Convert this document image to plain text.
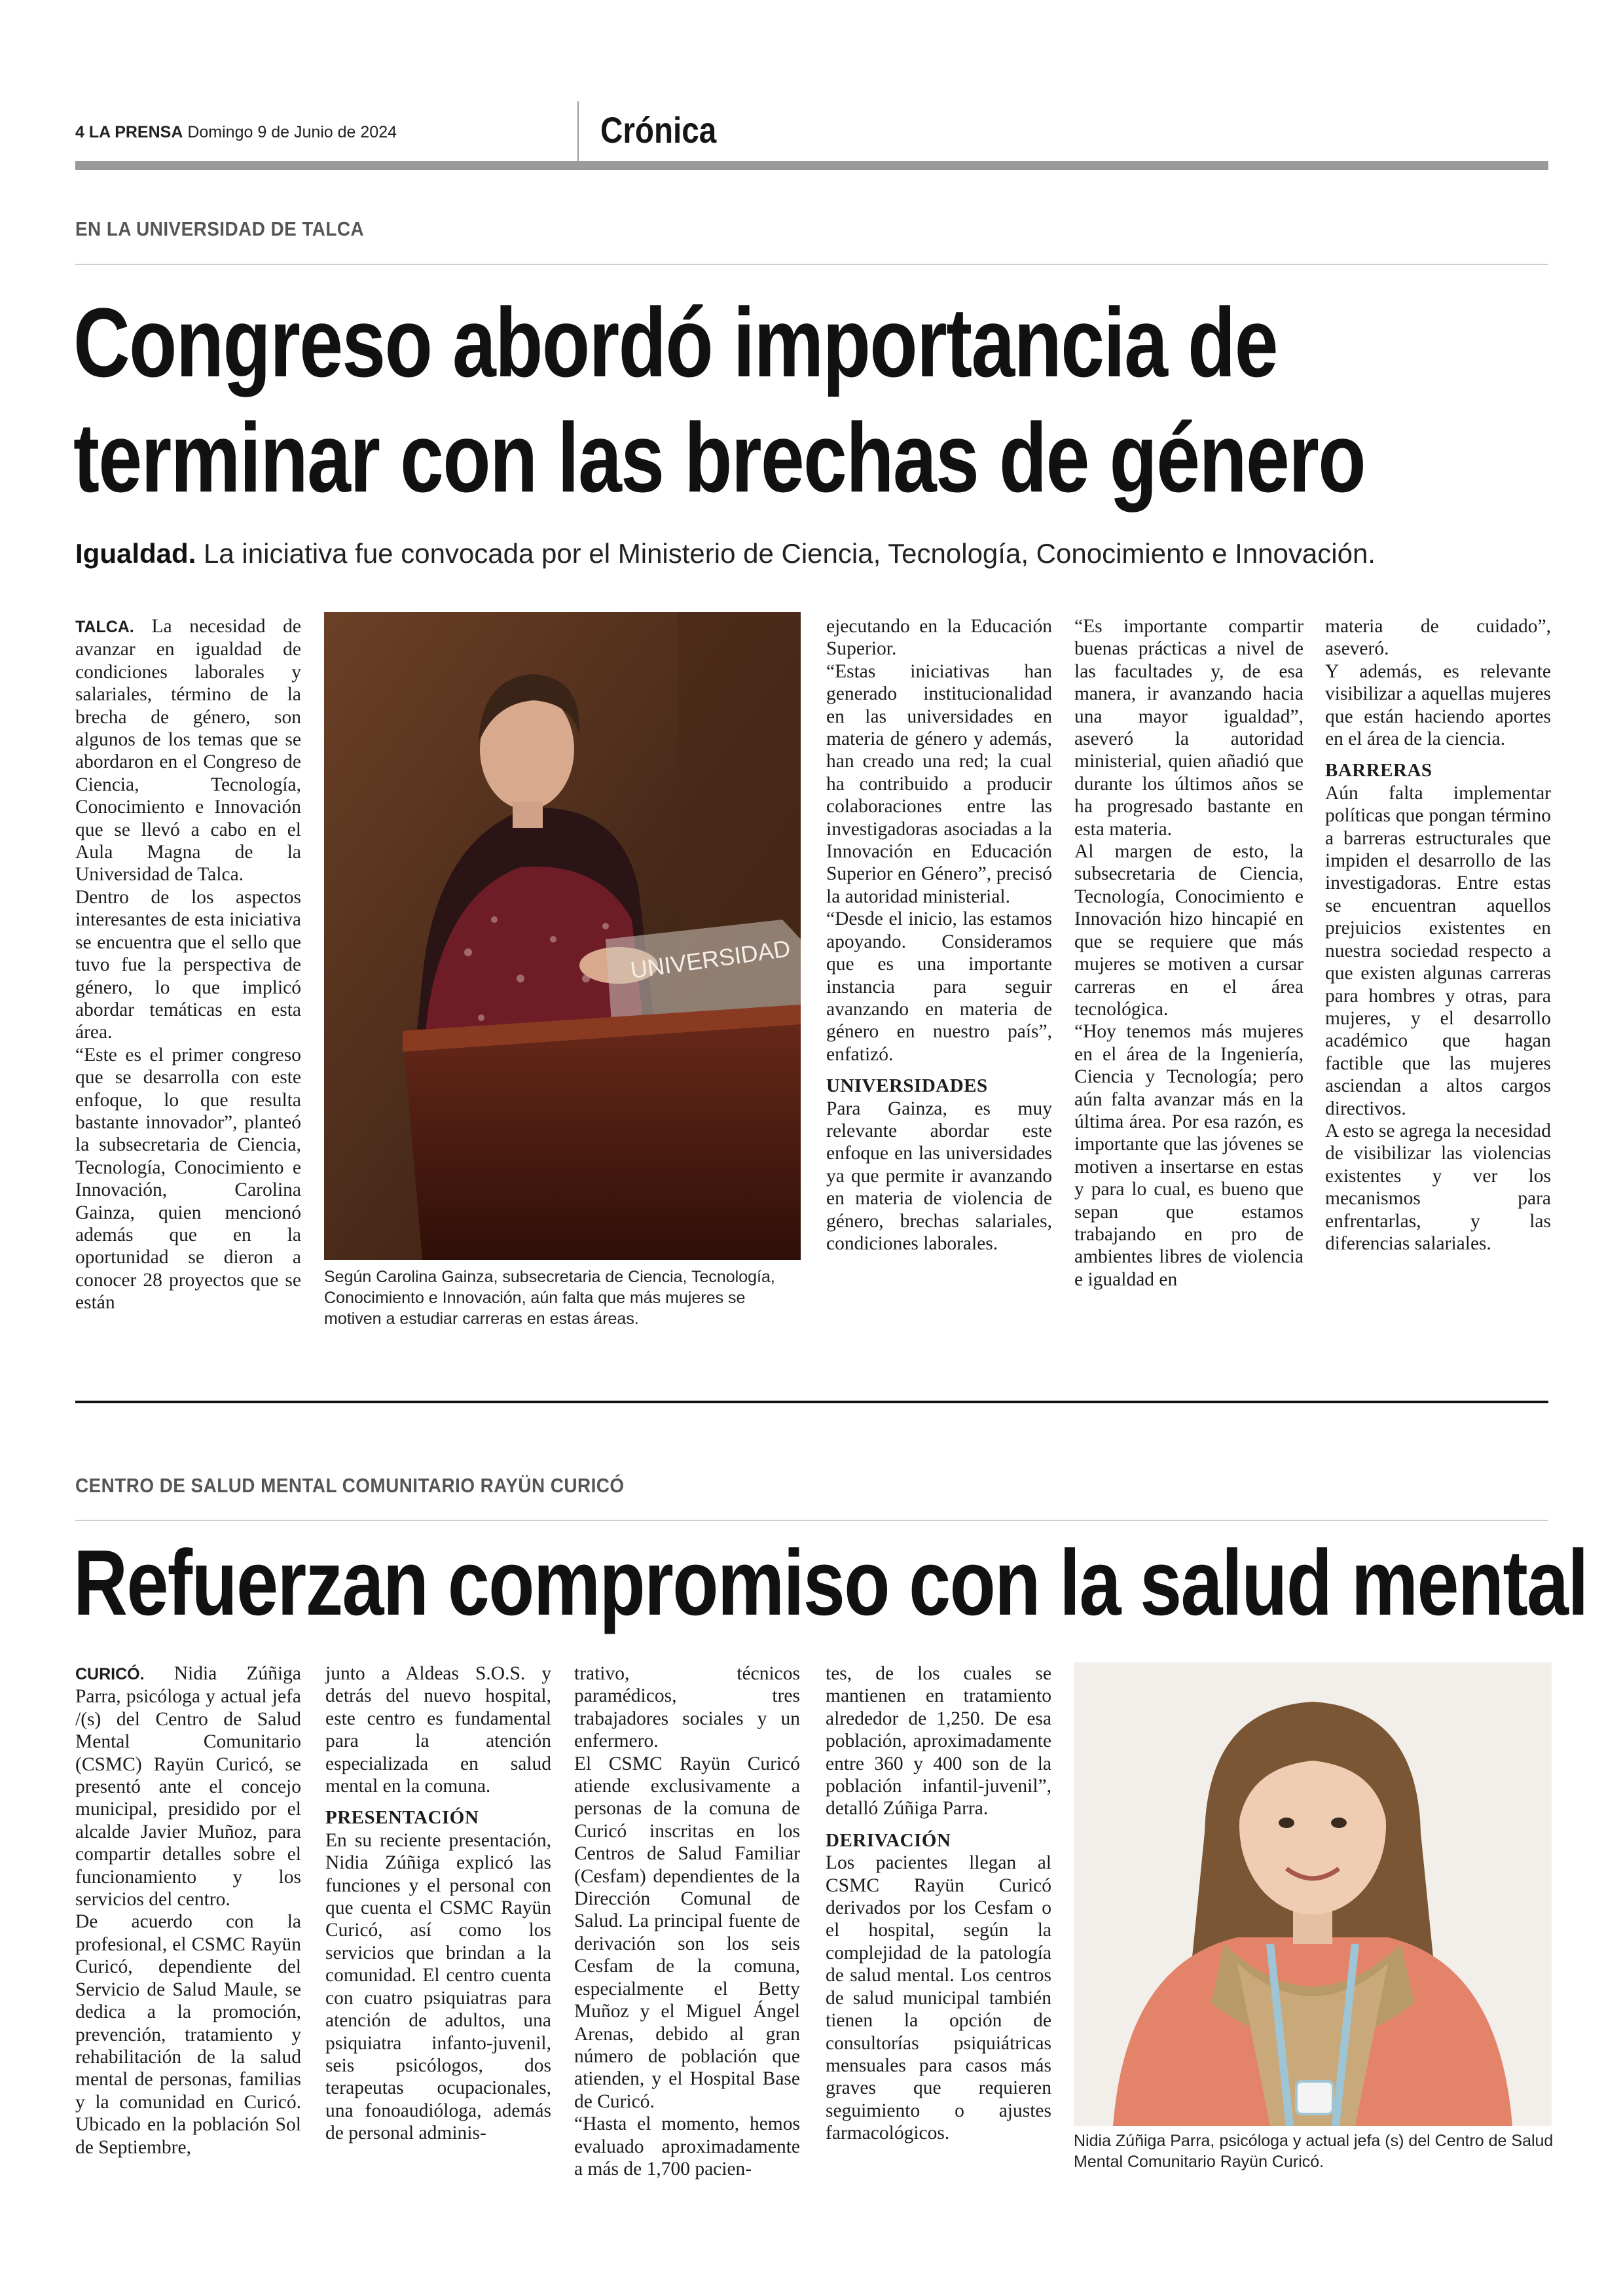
4 LA PRENSA Domingo 9 de Junio de 2024	Crónica
EN LA UNIVERSIDAD DE TALCA
Congreso abordó importancia de
terminar con las brechas de género
Igualdad. La iniciativa fue convocada por el Ministerio de Ciencia, Tecnología, Conocimiento e Innovación.

TALCA. La necesidad de avanzar en igualdad de condiciones laborales y salariales, término de la brecha de género, son algunos de los temas que se abordaron en el Congreso de Ciencia, Tecnología, Conocimiento e Innovación que se llevó a cabo en el Aula Magna de la Universidad de Talca.

Dentro de los aspectos interesantes de esta iniciativa se encuentra que el sello que tuvo fue la perspectiva de género, lo que implicó abordar temáticas en esta área.

“Este es el primer congreso que se desarrolla con este enfoque, lo que resulta bastante innovador”, planteó la subsecretaria de Ciencia, Tecnología, Conocimiento e Innovación, Carolina Gainza, quien mencionó además que en la oportunidad se dieron a conocer 28 proyectos que se están

UNIVERSIDAD
Según Carolina Gainza, subsecretaria de Ciencia, Tecnología, Conocimiento e Innovación, aún falta que más mujeres se motiven a estudiar carreras en estas áreas.

ejecutando en la Educación Superior.

“Estas iniciativas han generado institucionalidad en las universidades en materia de género y además, han creado una red; la cual ha contribuido a producir colaboraciones entre las investigadoras asociadas a la Innovación en Educación Superior en Género”, precisó la autoridad ministerial.

“Desde el inicio, las estamos apoyando. Consideramos que es una importante instancia para seguir avanzando en materia de género en nuestro país”, enfatizó.

UNIVERSIDADES

Para Gainza, es muy relevante abordar este enfoque en las universidades ya que permite ir avanzando en materia de violencia de género, brechas salariales, condiciones laborales.

“Es importante compartir buenas prácticas a nivel de las facultades y, de esa manera, ir avanzando hacia una mayor igualdad”, aseveró la autoridad ministerial, quien añadió que durante los últimos años se ha progresado bastante en esta materia.

Al margen de esto, la subsecretaria de Ciencia, Tecnología, Conocimiento e Innovación hizo hincapié en que se requiere que más mujeres se motiven a cursar carreras en el área tecnológica.

“Hoy tenemos más mujeres en el área de la Ingeniería, Ciencia y Tecnología; pero aún falta avanzar más en la última área. Por esa razón, es importante que las jóvenes se motiven a insertarse en estas y para lo cual, es bueno que sepan que estamos trabajando en pro de ambientes libres de violencia e igualdad en

materia de cuidado”, aseveró.

Y además, es relevante visibilizar a aquellas mujeres que están haciendo aportes en el área de la ciencia.

BARRERAS

Aún falta implementar políticas que pongan término a barreras estructurales que impiden el desarrollo de las investigadoras. Entre estas se encuentran aquellos prejuicios existentes en nuestra sociedad respecto a que existen algunas carreras para hombres y otras, para mujeres, y el desarrollo académico que hagan factible que las mujeres asciendan a altos cargos directivos.

A esto se agrega la necesidad de visibilizar las violencias existentes y ver los mecanismos para enfrentarlas, y las diferencias salariales.

CENTRO DE SALUD MENTAL COMUNITARIO RAYÜN CURICÓ
Refuerzan compromiso con la salud mental

CURICÓ. Nidia Zúñiga Parra, psicóloga y actual jefa /(s) del Centro de Salud Mental Comunitario (CSMC) Rayün Curicó, se presentó ante el concejo municipal, presidido por el alcalde Javier Muñoz, para compartir detalles sobre el funcionamiento y los servicios del centro.

De acuerdo con la profesional, el CSMC Rayün Curicó, dependiente del Servicio de Salud Maule, se dedica a la promoción, prevención, tratamiento y rehabilitación de la salud mental de personas, familias y la comunidad en Curicó. Ubicado en la población Sol de Septiembre,

junto a Aldeas S.O.S. y detrás del nuevo hospital, este centro es fundamental para la atención especializada en salud mental en la comuna.

PRESENTACIÓN

En su reciente presentación, Nidia Zúñiga explicó las funciones y el personal con que cuenta el CSMC Rayün Curicó, así como los servicios que brindan a la comunidad. El centro cuenta con cuatro psiquiatras para atención de adultos, una psiquiatra infanto-juvenil, seis psicólogos, dos terapeutas ocupacionales, una fonoaudióloga, además de personal adminis-

trativo, técnicos paramédicos, tres trabajadores sociales y un enfermero.

El CSMC Rayün Curicó atiende exclusivamente a personas de la comuna de Curicó inscritas en los Centros de Salud Familiar (Cesfam) dependientes de la Dirección Comunal de Salud. La principal fuente de derivación son los seis Cesfam de la comuna, especialmente el Betty Muñoz y el Miguel Ángel Arenas, debido al gran número de población que atienden, y el Hospital Base de Curicó.

“Hasta el momento, hemos evaluado aproximadamente a más de 1,700 pacien-

tes, de los cuales se mantienen en tratamiento alrededor de 1,250. De esa población, aproximadamente entre 360 y 400 son de la población infantil-juvenil”, detalló Zúñiga Parra.

DERIVACIÓN

Los pacientes llegan al CSMC Rayün Curicó derivados por los Cesfam o el hospital, según la complejidad de la patología de salud mental. Los centros de salud municipal también tienen la opción de consultorías psiquiátricas mensuales para casos más graves que requieren seguimiento o ajustes farmacológicos.	Nidia Zúñiga Parra, psicóloga y actual jefa (s) del Centro de Salud Mental Comunitario Rayün Curicó.
